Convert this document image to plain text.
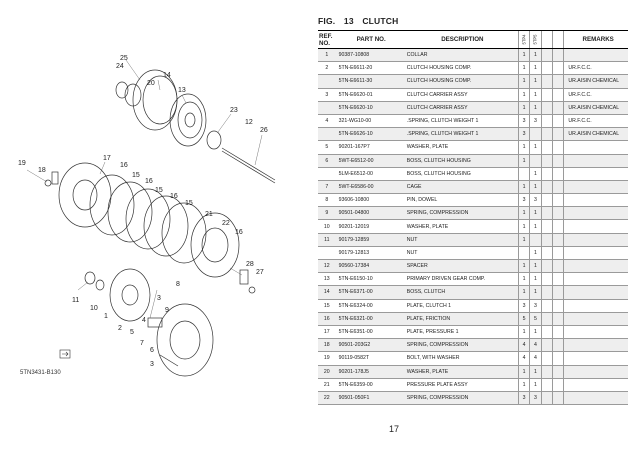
25
24
14
20
13
23
12
26
19
18
17
16
15
16
15
16
15
21
22
16
28
27
11
10
1
2
5
4
7
6
3
8
9
3
5TN3431-B130
FIG. 13 CLUTCH
REF. NO.	PART NO.	DESCRIPTION	5TP4	5TP5			REMARKS
1	90387-10808	COLLAR	1	1			
2	5TN-E6611-20	CLUTCH HOUSING COMP.	1	1			UR.F.C.C.
	5TN-E6611-30	CLUTCH HOUSING COMP.	1	1			UR.AISIN CHEMICAL
3	5TN-E6620-01	CLUTCH CARRIER ASSY	1	1			UR.F.C.C.
	5TN-E6620-10	CLUTCH CARRIER ASSY	1	1			UR.AISIN CHEMICAL
4	321-WG10-00	.SPRING, CLUTCH WEIGHT 1	3	3			UR.F.C.C.
	5TN-E6626-10	.SPRING, CLUTCH WEIGHT 1	3				UR.AISIN CHEMICAL
5	90201-167P7	WASHER, PLATE	1	1			
6	5WT-E6512-00	BOSS, CLUTCH HOUSING	1				
	5LM-E6512-00	BOSS, CLUTCH HOUSING		1			
7	5WT-E6586-00	CAGE	1	1			
8	93606-10800	PIN, DOWEL	3	3			
9	90501-04800	SPRING, COMPRESSION	1	1			
10	90201-12019	WASHER, PLATE	1	1			
11	90179-12859	NUT	1				
	90179-12813	NUT		1			
12	90560-17384	SPACER	1	1			
13	5TN-E6150-10	PRIMARY DRIVEN GEAR COMP.	1	1			
14	5TN-E6371-00	BOSS, CLUTCH	1	1			
15	5TN-E6324-00	PLATE, CLUTCH 1	3	3			
16	5TN-E6321-00	PLATE, FRICTION	5	5			
17	5TN-E6351-00	PLATE, PRESSURE 1	1	1			
18	90501-203G2	SPRING, COMPRESSION	4	4			
19	90119-0582T	BOLT, WITH WASHER	4	4			
20	90201-178J5	WASHER, PLATE	1	1			
21	5TN-E6359-00	PRESSURE PLATE ASSY	1	1			
22	90501-050F1	SPRING, COMPRESSION	3	3			
17
